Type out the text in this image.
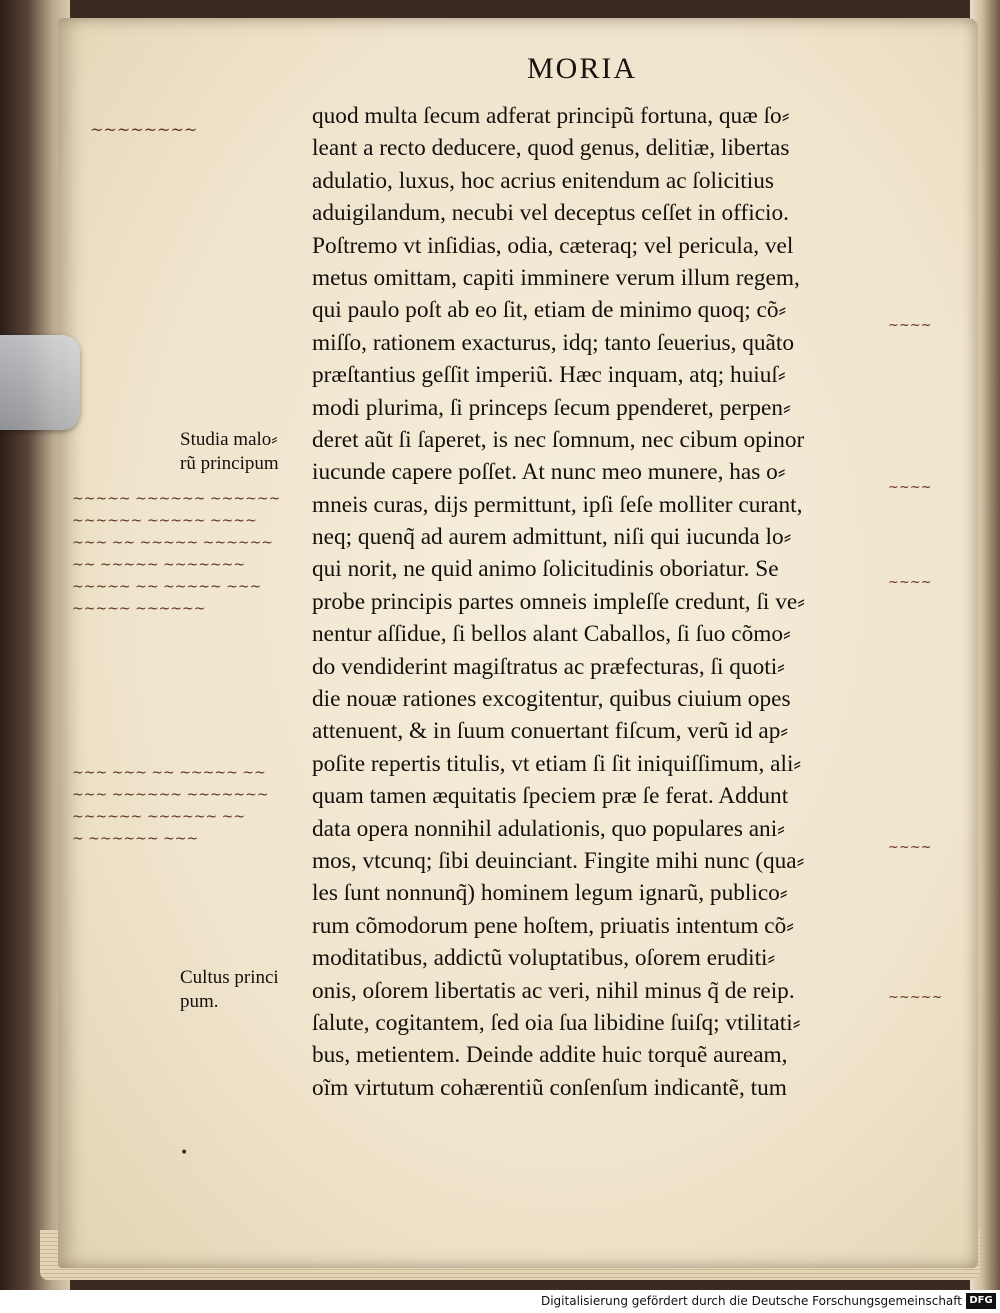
MORIA
~~~~~~~~
quod multa ſecum adferat principũ fortuna, quæ ſo⸗
leant a recto deducere, quod genus, delitiæ, libertas
adulatio, luxus, hoc acrius enitendum ac ſolicitius
aduigilandum, necubi vel deceptus ceſſet in officio.
Poſtremo vt inſidias, odia, cæteraq; vel pericula, vel
metus omittam, capiti imminere verum illum regem,
qui paulo poſt ab eo ſit, etiam de minimo quoq; cõ⸗
miſſo, rationem exacturus, idq; tanto ſeuerius, quãto
præſtantius geſſit imperiũ. Hæc inquam, atq; huiuſ⸗
modi plurima, ſi princeps ſecum ppenderet, perpen⸗
deret aũt ſi ſaperet, is nec ſomnum, nec cibum opinor
iucunde capere poſſet. At nunc meo munere, has o⸗
mneis curas, dijs permittunt, ipſi ſeſe molliter curant,
neq; quenq̃ ad aurem admittunt, niſi qui iucunda lo⸗
qui norit, ne quid animo ſolicitudinis oboriatur. Se
probe principis partes omneis impleſſe credunt, ſi ve⸗
nentur aſſidue, ſi bellos alant Caballos, ſi ſuo cõmo⸗
do vendiderint magiſtratus ac præfecturas, ſi quoti⸗
die nouæ rationes excogitentur, quibus ciuium opes
attenuent, & in ſuum conuertant fiſcum, verũ id ap⸗
poſite repertis titulis, vt etiam ſi ſit iniquiſſimum, ali⸗
quam tamen æquitatis ſpeciem præ ſe ferat. Addunt
data opera nonnihil adulationis, quo populares ani⸗
mos, vtcunq; ſibi deuinciant. Fingite mihi nunc (qua⸗
les ſunt nonnunq̃) hominem legum ignarũ, publico⸗
rum cõmodorum pene hoſtem, priuatis intentum cõ⸗
moditatibus, addictũ voluptatibus, oſorem eruditi⸗
onis, oſorem libertatis ac veri, nihil minus q̃ de reip.
ſalute, cogitantem, ſed oia ſua libidine ſuiſq; vtilitati⸗
bus, metientem. Deinde addite huic torquẽ auream,
oĩm virtutum cohærentiũ conſenſum indicantẽ, tum
Studia malo⸗
rũ principum
Cultus princi
pum.
~~~~~ ~~~~~~ ~~~~~~
~~~~~~ ~~~~~ ~~~~
~~~ ~~ ~~~~~ ~~~~~~
~~ ~~~~~ ~~~~~~~
~~~~~ ~~ ~~~~~ ~~~
~~~~~ ~~~~~~
~~~ ~~~ ~~ ~~~~~ ~~
~~~ ~~~~~~ ~~~~~~~
~~~~~~ ~~~~~~ ~~
~ ~~~~~~ ~~~
~~~~
~~~~
~~~~
~~~~
~~~~~
•
Digitalisierung gefördert durch die Deutsche Forschungsgemeinschaft DFG
